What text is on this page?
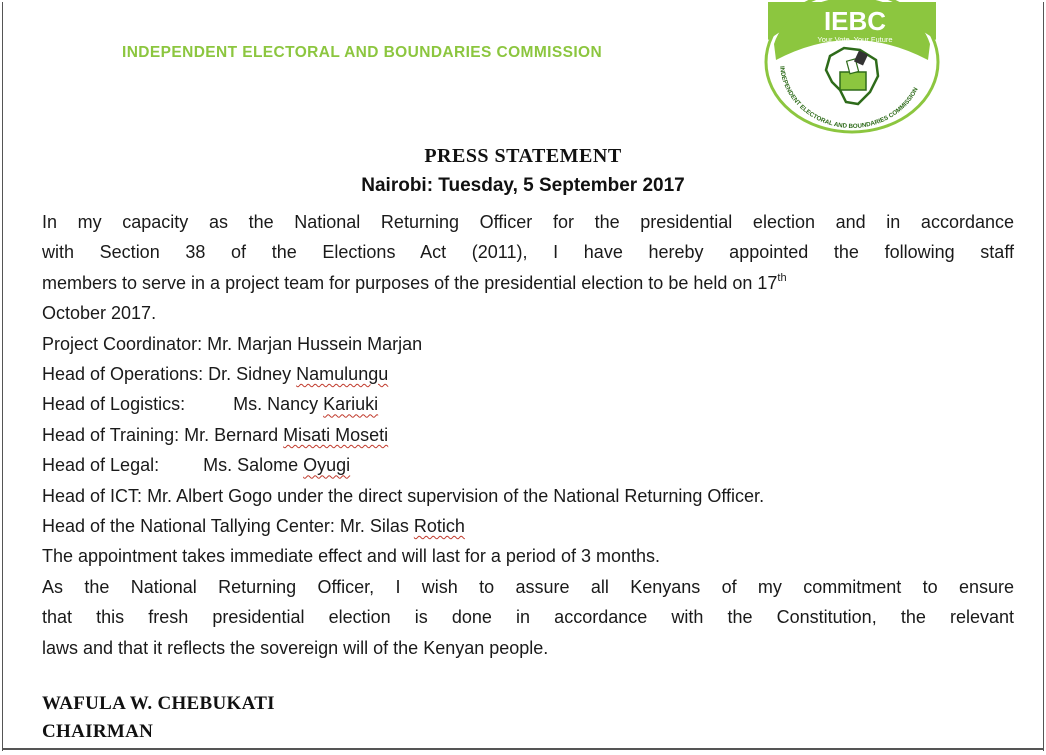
INDEPENDENT ELECTORAL AND BOUNDARIES COMMISSION
IEBC
Your Vote, Your Future
INDEPENDENT ELECTORAL AND BOUNDARIES COMMISSION
PRESS STATEMENT
Nairobi: Tuesday, 5 September 2017
In my capacity as the National Returning Officer for the presidential election and in accordance
with Section 38 of the Elections Act (2011), I have hereby appointed the following staff
members to serve in a project team for purposes of the presidential election to be held on 17th
October 2017.
Project Coordinator: Mr. Marjan Hussein Marjan
Head of Operations: Dr. Sidney Namulungu
Head of Logistics:	Ms. Nancy Kariuki
Head of Training: Mr. Bernard Misati Moseti
Head of Legal: Ms. Salome Oyugi
Head of ICT: Mr. Albert Gogo under the direct supervision of the National Returning Officer.
Head of the National Tallying Center: Mr. Silas Rotich
The appointment takes immediate effect and will last for a period of 3 months.
As the National Returning Officer, I wish to assure all Kenyans of my commitment to ensure
that this fresh presidential election is done in accordance with the Constitution, the relevant
laws and that it reflects the sovereign will of the Kenyan people.
WAFULA W. CHEBUKATI
CHAIRMAN
